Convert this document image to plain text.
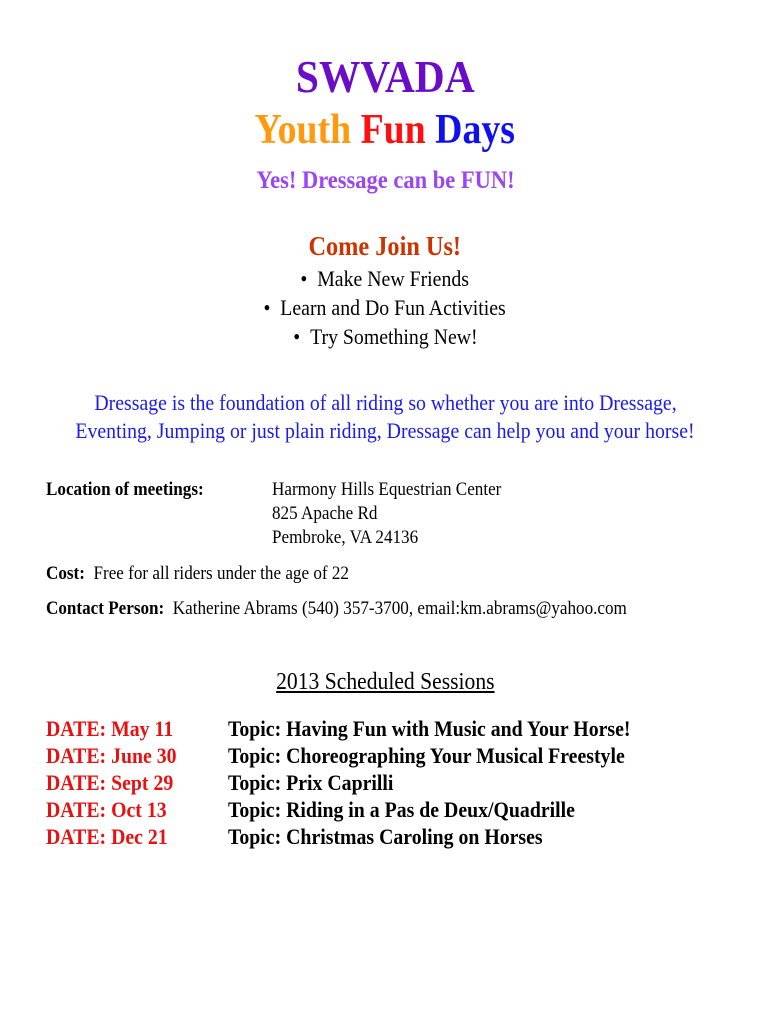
SWVADA
Youth Fun Days
Yes! Dressage can be FUN!
Come Join Us!
•  Make New Friends
•  Learn and Do Fun Activities
•  Try Something New!
Dressage is the foundation of all riding so whether you are into Dressage,
Eventing, Jumping or just plain riding, Dressage can help you and your horse!
Location of meetings:	Harmony Hills Equestrian Center
825 Apache Rd
Pembroke, VA 24136
Cost: Free for all riders under the age of 22
Contact Person: Katherine Abrams (540) 357-3700, email:km.abrams@yahoo.com
2013 Scheduled Sessions
DATE: May 11 Topic: Having Fun with Music and Your Horse!
DATE: June 30 Topic: Choreographing Your Musical Freestyle
DATE: Sept 29 Topic: Prix Caprilli
DATE: Oct 13	Topic: Riding in a Pas de Deux/Quadrille
DATE: Dec 21	Topic: Christmas Caroling on Horses
